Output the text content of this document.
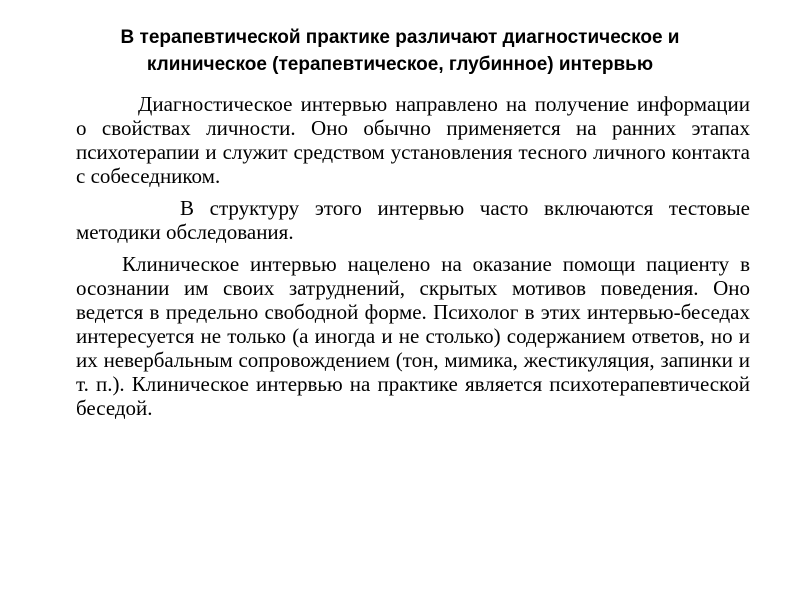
В терапевтической практике различают диагностическое и
клиническое (терапевтическое, глубинное) интервью

Диагностическое интервью направлено на получение информации о свойствах личности. Оно обычно применяется на ранних этапах психотерапии и служит средством установления тесного личного контакта с собеседником.

В структуру этого интервью часто включаются тестовые методики обследования.

Клиническое интервью нацелено на оказание помощи пациенту в осознании им своих затруднений, скрытых мотивов поведения. Оно ведется в предельно свободной форме. Психолог в этих интервью-беседах интересуется не только (а иногда и не столько) содержанием ответов, но и их невербальным сопровождением (тон, мимика, жестикуляция, запинки и т. п.). Клиническое интервью на практике является психотерапевтической беседой.
